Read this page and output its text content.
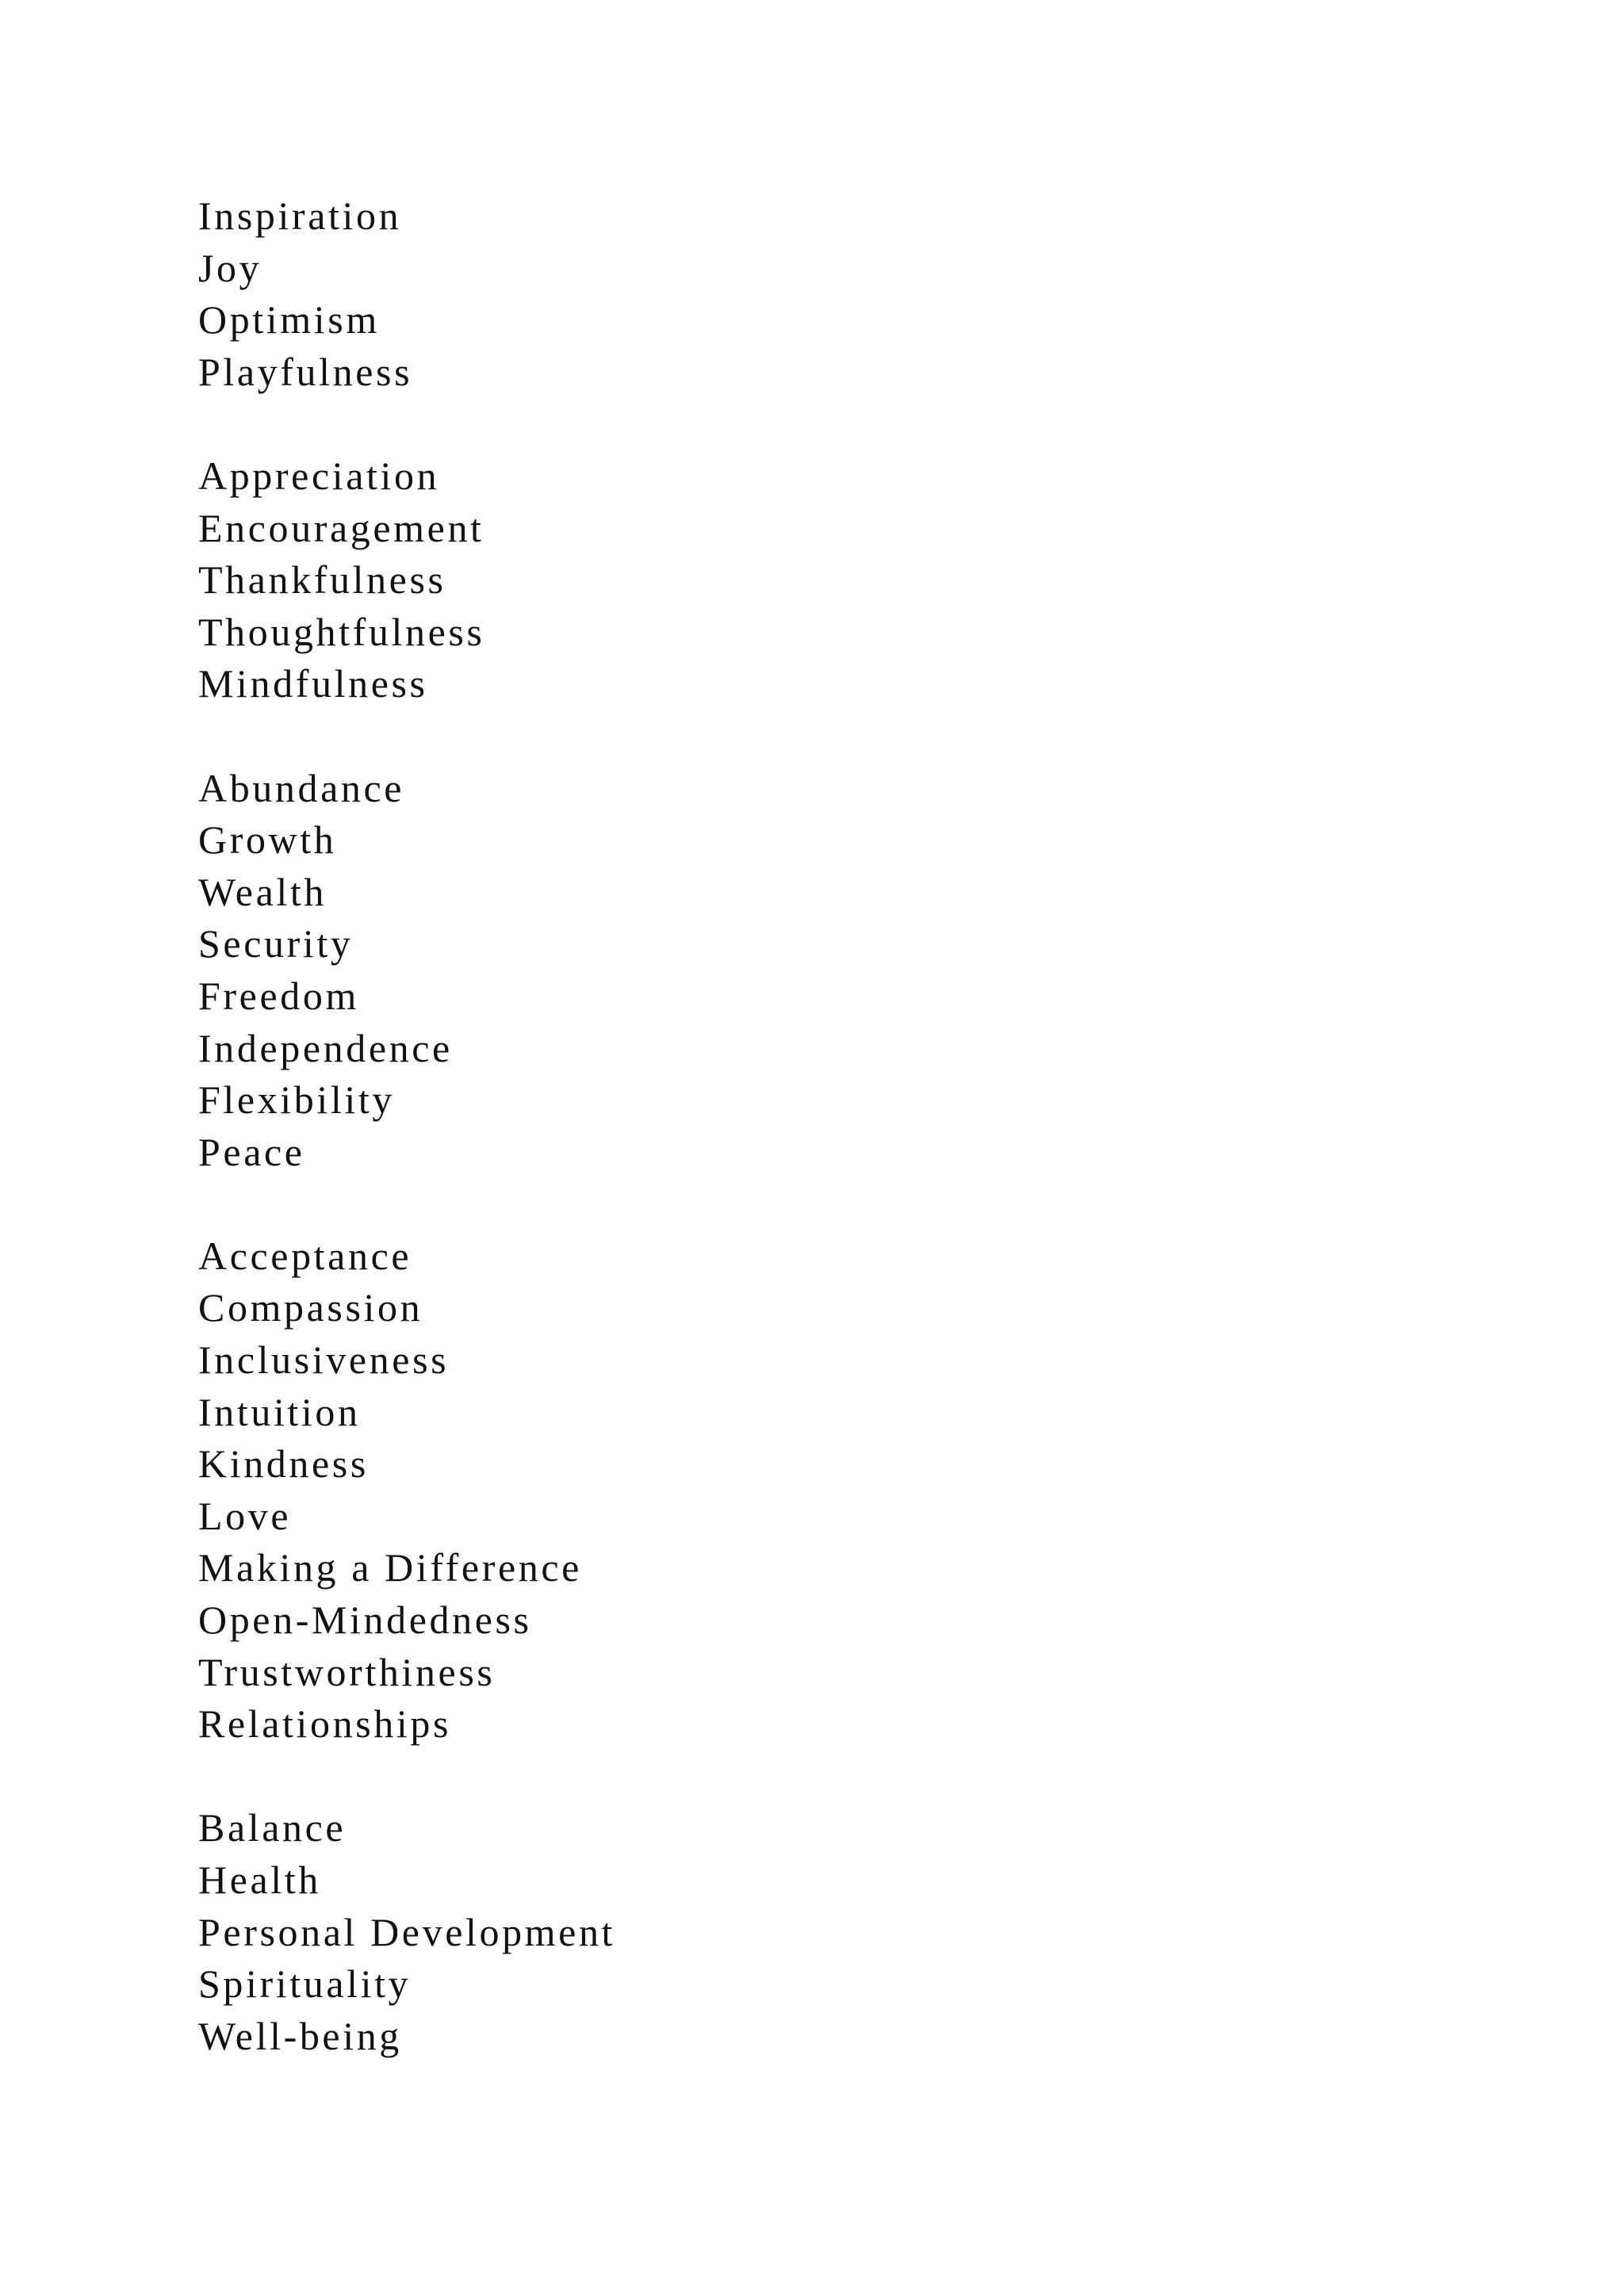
Inspiration
Joy
Optimism
Playfulness
Appreciation
Encouragement
Thankfulness
Thoughtfulness
Mindfulness
Abundance
Growth
Wealth
Security
Freedom
Independence
Flexibility
Peace
Acceptance
Compassion
Inclusiveness
Intuition
Kindness
Love
Making a Difference
Open-Mindedness
Trustworthiness
Relationships
Balance
Health
Personal Development
Spirituality
Well-being
